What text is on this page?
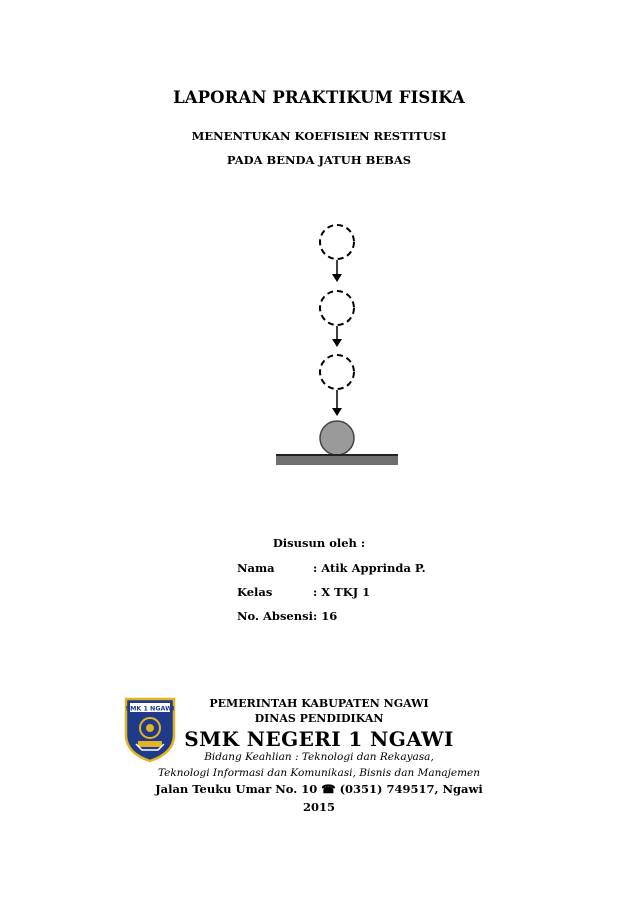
LAPORAN PRAKTIKUM FISIKA
MENENTUKAN KOEFISIEN RESTITUSI
PADA BENDA JATUH BEBAS
Disusun oleh :
Nama	: Atik Apprinda P.
Kelas	: X TKJ 1
No. Absensi: 16
SMK 1 NGAWI	PEMERINTAH KABUPATEN NGAWI
DINAS PENDIDIKAN
SMK NEGERI 1 NGAWI
Bidang Keahlian : Teknologi dan Rekayasa,
Teknologi Informasi dan Komunikasi, Bisnis dan Manajemen
Jalan Teuku Umar No. 10 ☎ (0351) 749517, Ngawi
2015
